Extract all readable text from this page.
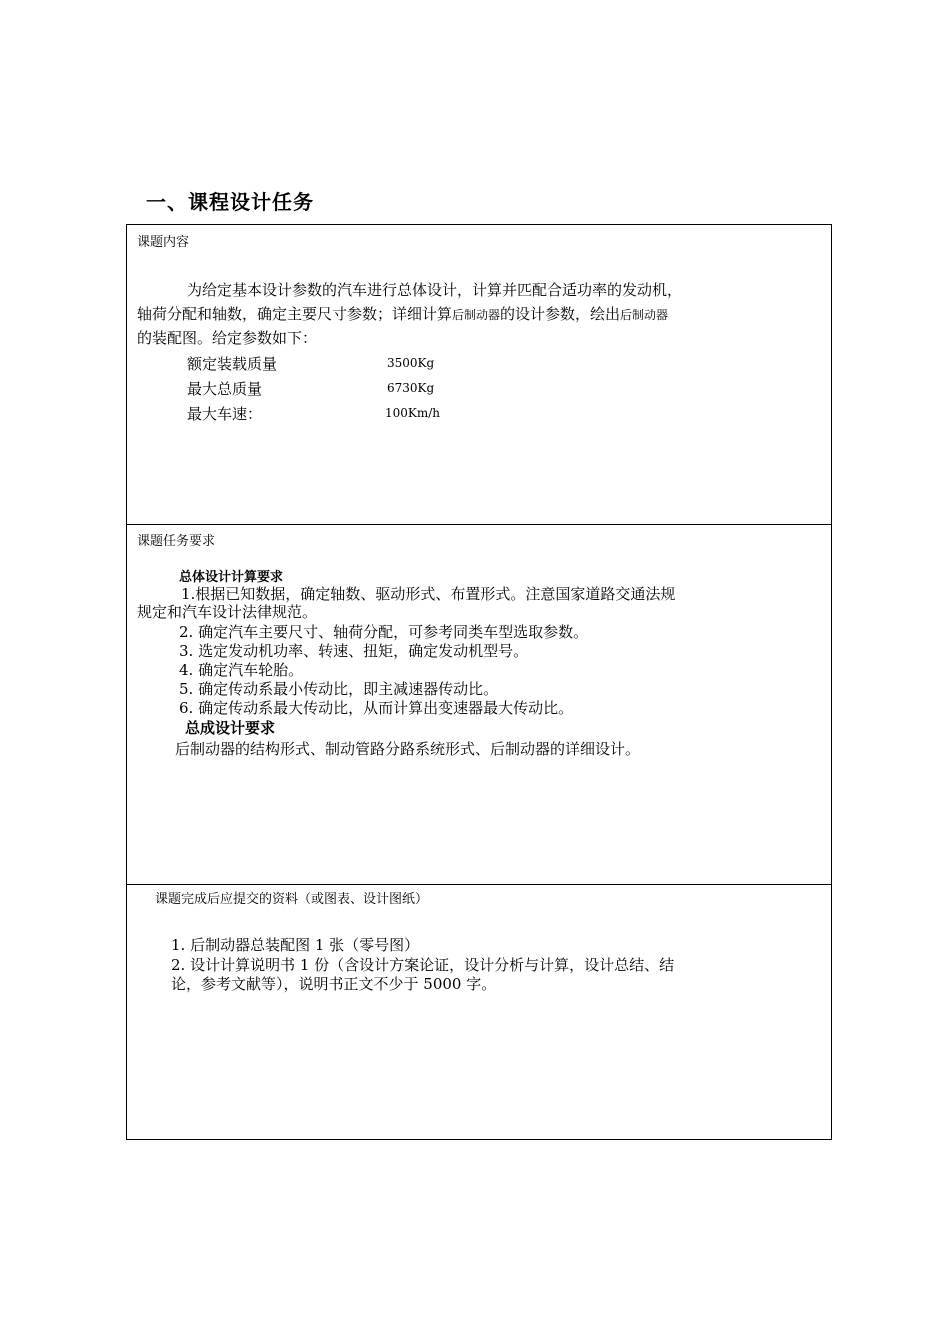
一、课程设计任务
课题内容
为给定基本设计参数的汽车进行总体设计，计算并匹配合适功率的发动机，
轴荷分配和轴数，确定主要尺寸参数；详细计算后制动器的设计参数，绘出后制动器
的装配图。给定参数如下：
额定装载质量	3500Kg
最大总质量	6730Kg
最大车速：	100Km/h
课题任务要求
总体设计计算要求
1.根据已知数据，确定轴数、驱动形式、布置形式。注意国家道路交通法规
规定和汽车设计法律规范。
2. 确定汽车主要尺寸、轴荷分配，可参考同类车型选取参数。
3. 选定发动机功率、转速、扭矩，确定发动机型号。
4. 确定汽车轮胎。
5. 确定传动系最小传动比，即主减速器传动比。
6. 确定传动系最大传动比，从而计算出变速器最大传动比。
总成设计要求
后制动器的结构形式、制动管路分路系统形式、后制动器的详细设计。
课题完成后应提交的资料（或图表、设计图纸）
1. 后制动器总装配图 1 张（零号图）
2. 设计计算说明书 1 份（含设计方案论证，设计分析与计算，设计总结、结
论，参考文献等），说明书正文不少于 5000 字。
